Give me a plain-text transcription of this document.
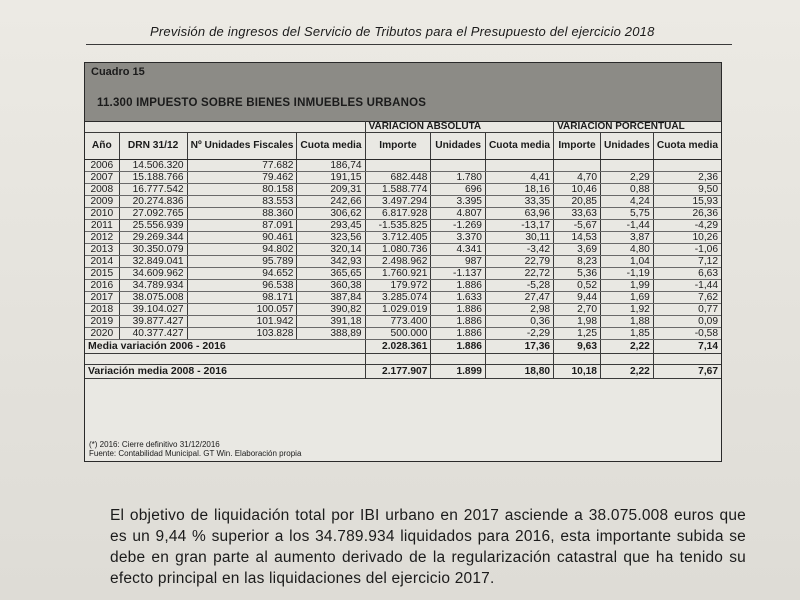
Previsión de ingresos del Servicio de Tributos para el Presupuesto del ejercicio 2018
Cuadro 15
11.300 IMPUESTO SOBRE BIENES INMUEBLES URBANOS
				VARIACION ABSOLUTA			VARIACION PORCENTUAL		
Año	DRN 31/12	Nº Unidades Fiscales	Cuota media	Importe	Unidades	Cuota media	Importe	Unidades	Cuota media
2006	14.506.320	77.682	186,74						
2007	15.188.766	79.462	191,15	682.448	1.780	4,41	4,70	2,29	2,36
2008	16.777.542	80.158	209,31	1.588.774	696	18,16	10,46	0,88	9,50
2009	20.274.836	83.553	242,66	3.497.294	3.395	33,35	20,85	4,24	15,93
2010	27.092.765	88.360	306,62	6.817.928	4.807	63,96	33,63	5,75	26,36
2011	25.556.939	87.091	293,45	-1.535.825	-1.269	-13,17	-5,67	-1,44	-4,29
2012	29.269.344	90.461	323,56	3.712.405	3.370	30,11	14,53	3,87	10,26
2013	30.350.079	94.802	320,14	1.080.736	4.341	-3,42	3,69	4,80	-1,06
2014	32.849.041	95.789	342,93	2.498.962	987	22,79	8,23	1,04	7,12
2015	34.609.962	94.652	365,65	1.760.921	-1.137	22,72	5,36	-1,19	6,63
2016	34.789.934	96.538	360,38	179.972	1.886	-5,28	0,52	1,99	-1,44
2017	38.075.008	98.171	387,84	3.285.074	1.633	27,47	9,44	1,69	7,62
2018	39.104.027	100.057	390,82	1.029.019	1.886	2,98	2,70	1,92	0,77
2019	39.877.427	101.942	391,18	773.400	1.886	0,36	1,98	1,88	0,09
2020	40.377.427	103.828	388,89	500.000	1.886	-2,29	1,25	1,85	-0,58
Media variación 2006 - 2016				2.028.361	1.886	17,36	9,63	2,22	7,14

Variación media 2008 - 2016				2.177.907	1.899	18,80	10,18	2,22	7,67
(*) 2016: Cierre definitivo 31/12/2016
Fuente: Contabilidad Municipal. GT Win. Elaboración propia

El objetivo de liquidación total por IBI urbano en 2017 asciende a 38.075.008 euros que es un 9,44 % superior a los 34.789.934 liquidados para 2016, esta importante subida se debe en gran parte al aumento derivado de la regularización catastral que ha tenido su efecto principal en las liquidaciones del ejercicio 2017.
